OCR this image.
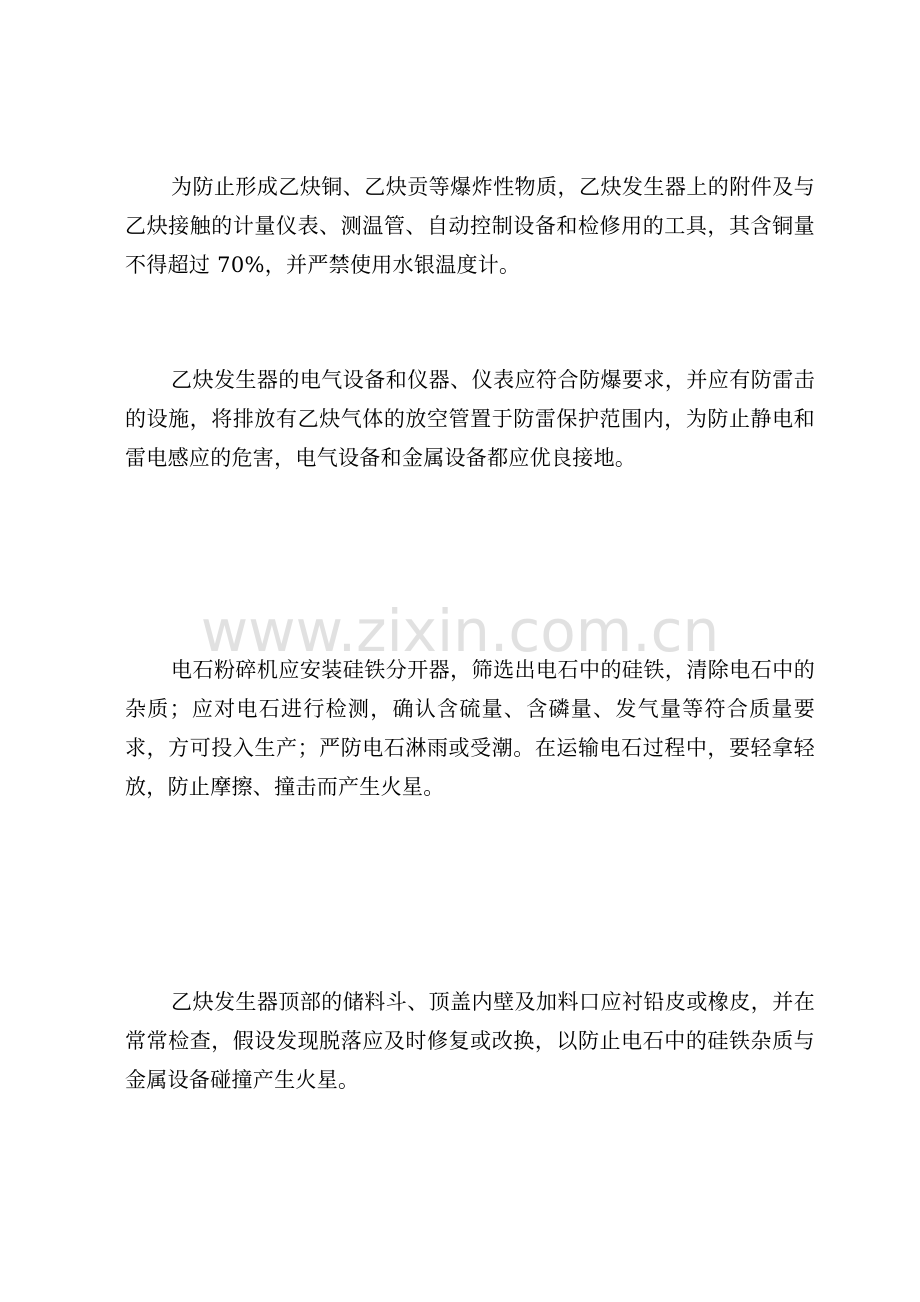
为防止形成乙炔铜、乙炔贡等爆炸性物质，乙炔发生器上的附件及与乙炔接触的计量仪表、测温管、自动控制设备和检修用的工具，其含铜量不得超过 70%，并严禁使用水银温度计。

乙炔发生器的电气设备和仪器、仪表应符合防爆要求，并应有防雷击的设施，将排放有乙炔气体的放空管置于防雷保护范围内，为防止静电和雷电感应的危害，电气设备和金属设备都应优良接地。

www.zixin.com.cn

电石粉碎机应安装硅铁分开器，筛选出电石中的硅铁，清除电石中的杂质；应对电石进行检测，确认含硫量、含磷量、发气量等符合质量要求，方可投入生产；严防电石淋雨或受潮。在运输电石过程中，要轻拿轻放，防止摩擦、撞击而产生火星。

乙炔发生器顶部的储料斗、顶盖内壁及加料口应衬铅皮或橡皮，并在常常检查，假设发现脱落应及时修复或改换，以防止电石中的硅铁杂质与金属设备碰撞产生火星。
